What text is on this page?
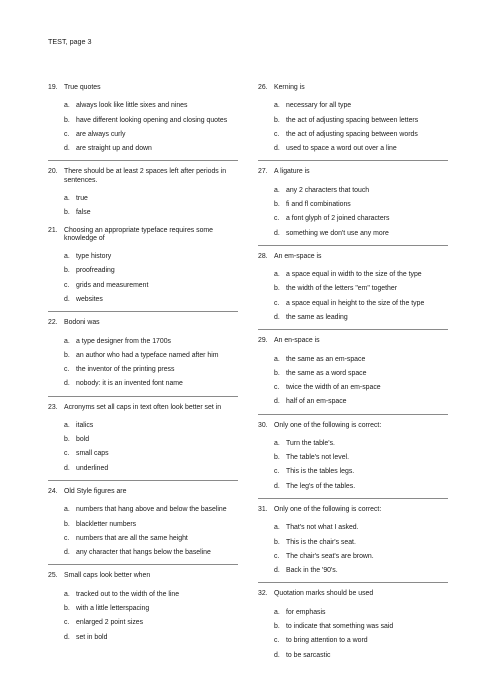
TEST, page 3
19. True quotes
a. always look like little sixes and nines
b. have different looking opening and closing quotes
c. are always curly
d. are straight up and down
20. There should be at least 2 spaces left after periods in sentences.
a. true
b. false
21. Choosing an appropriate typeface requires some knowledge of
a. type history
b. proofreading
c. grids and measurement
d. websites
22. Bodoni was
a. a type designer from the 1700s
b. an author who had a typeface named after him
c. the inventor of the printing press
d. nobody: it is an invented font name
23. Acronyms set all caps in text often look better set in
a. italics
b. bold
c. small caps
d. underlined
24. Old Style figures are
a. numbers that hang above and below the baseline
b. blackletter numbers
c. numbers that are all the same height
d. any character that hangs below the baseline
25. Small caps look better when
a. tracked out to the width of the line
b. with a little letterspacing
c. enlarged 2 point sizes
d. set in bold
26. Kerning is
a. necessary for all type
b. the act of adjusting spacing between letters
c. the act of adjusting spacing between words
d. used to space a word out over a line
27. A ligature is
a. any 2 characters that touch
b. fi and fl combinations
c. a font glyph of 2 joined characters
d. something we don't use any more
28. An em-space is
a. a space equal in width to the size of the type
b. the width of the letters "em" together
c. a space equal in height to the size of the type
d. the same as leading
29. An en-space is
a. the same as an em-space
b. the same as a word space
c. twice the width of an em-space
d. half of an em-space
30. Only one of the following is correct:
a. Turn the table's.
b. The table's not level.
c. This is the tables legs.
d. The leg's of the tables.
31. Only one of the following is correct:
a. That's not what I asked.
b. This is the chair's seat.
c. The chair's seat's are brown.
d. Back in the '90's.
32. Quotation marks should be used
a. for emphasis
b. to indicate that something was said
c. to bring attention to a word
d. to be sarcastic
